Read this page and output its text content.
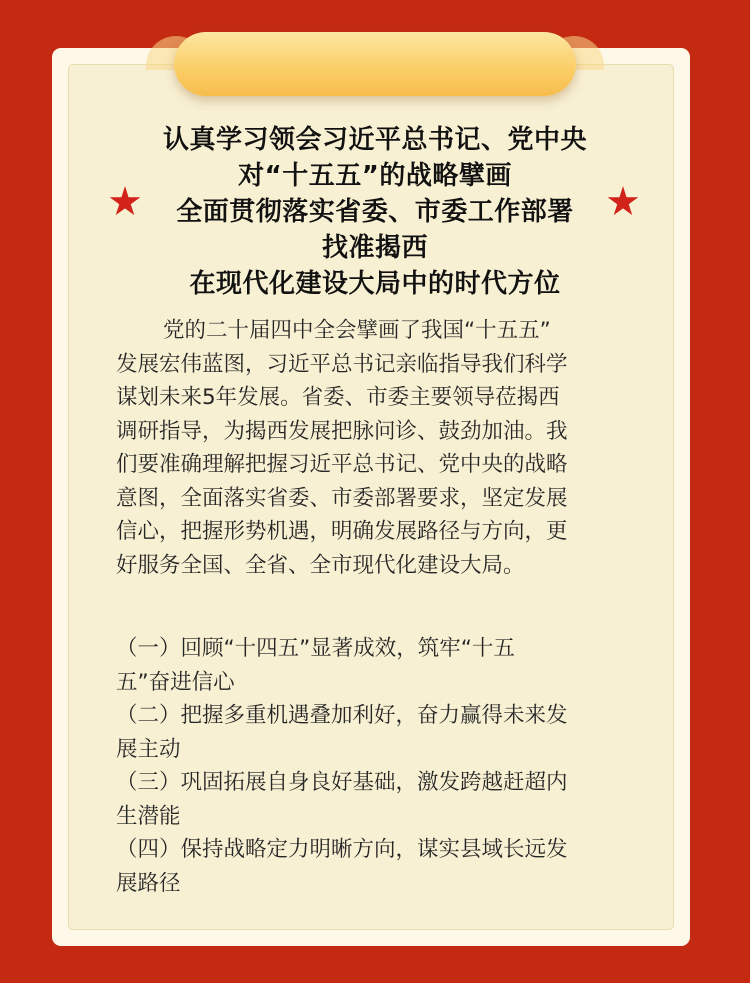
认真学习领会习近平总书记、党中央
对“十五五”的战略擘画
全面贯彻落实省委、市委工作部署
找准揭西
在现代化建设大局中的时代方位
党的二十届四中全会擘画了我国“十五五”
发展宏伟蓝图，习近平总书记亲临指导我们科学
谋划未来5年发展。省委、市委主要领导莅揭西
调研指导，为揭西发展把脉问诊、鼓劲加油。我
们要准确理解把握习近平总书记、党中央的战略
意图，全面落实省委、市委部署要求，坚定发展
信心，把握形势机遇，明确发展路径与方向，更
好服务全国、全省、全市现代化建设大局。
（一）回顾“十四五”显著成效，筑牢“十五
五”奋进信心
（二）把握多重机遇叠加利好，奋力赢得未来发
展主动
（三）巩固拓展自身良好基础，激发跨越赶超内
生潜能
（四）保持战略定力明晰方向，谋实县域长远发
展路径
